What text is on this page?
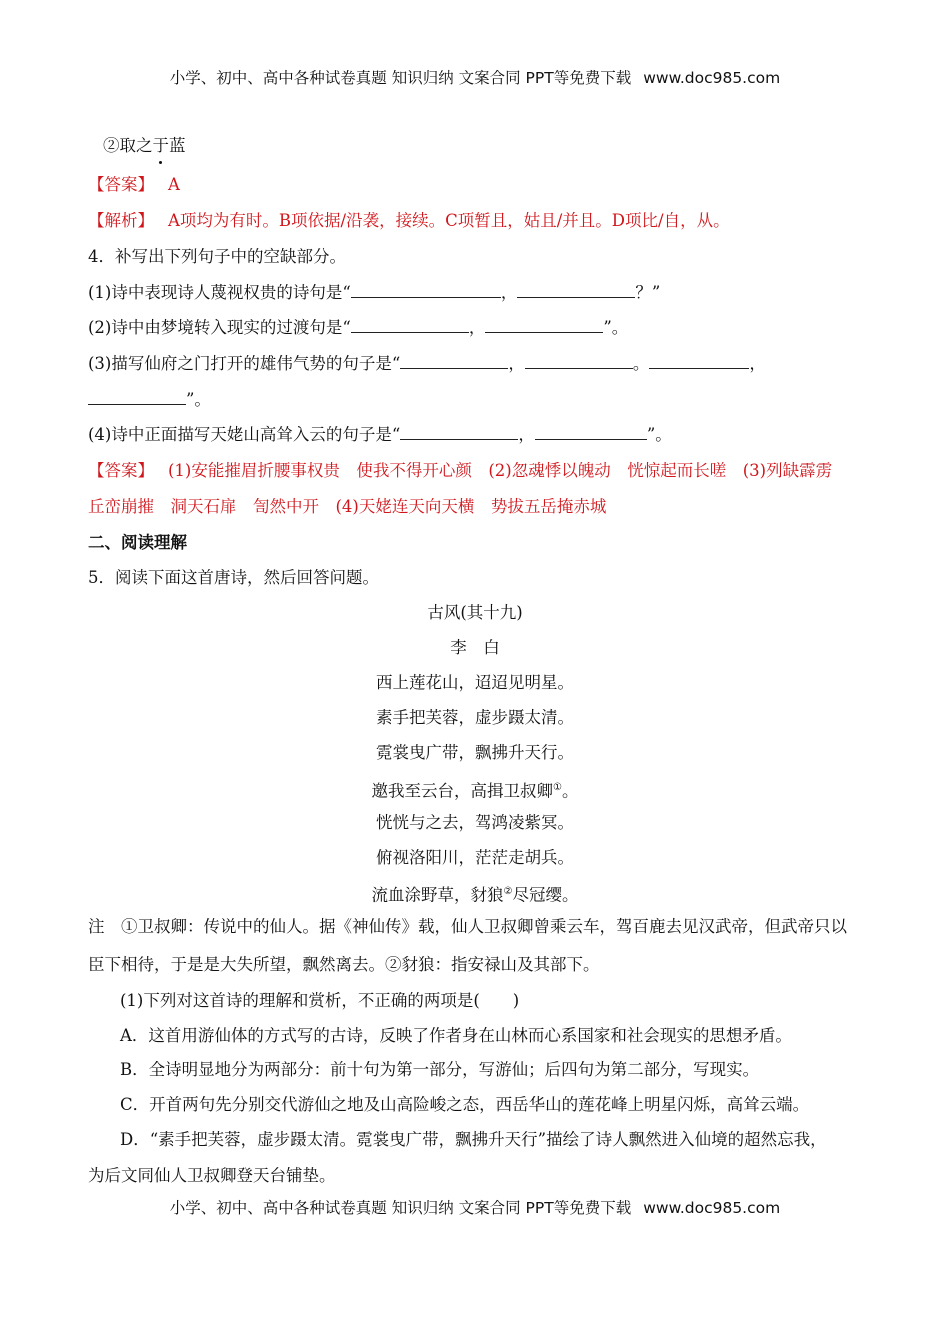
小学、初中、高中各种试卷真题 知识归纳 文案合同 PPT等免费下载 www.doc985.com
②取之于蓝
【答案】 A
【解析】 A项均为有时。B项依据/沿袭，接续。C项暂且，姑且/并且。D项比/自，从。
4．补写出下列句子中的空缺部分。
(1)诗中表现诗人蔑视权贵的诗句是“	，	？”
(2)诗中由梦境转入现实的过渡句是“	，	”。
(3)描写仙府之门打开的雄伟气势的句子是“	，	。	，
”。
(4)诗中正面描写天姥山高耸入云的句子是“	，	”。
【答案】 (1)安能摧眉折腰事权贵　使我不得开心颜　(2)忽魂悸以魄动　恍惊起而长嗟　(3)列缺霹雳
丘峦崩摧　洞天石扉　訇然中开　(4)天姥连天向天横　势拔五岳掩赤城
二、阅读理解
5．阅读下面这首唐诗，然后回答问题。
古风(其十九)
李　白
西上莲花山，迢迢见明星。
素手把芙蓉，虚步蹑太清。
霓裳曳广带，飘拂升天行。
邀我至云台，高揖卫叔卿①。
恍恍与之去，驾鸿凌紫冥。
俯视洛阳川，茫茫走胡兵。
流血涂野草，豺狼②尽冠缨。
注　①卫叔卿：传说中的仙人。据《神仙传》载，仙人卫叔卿曾乘云车，驾百鹿去见汉武帝，但武帝只以
臣下相待，于是是大失所望，飘然离去。②豺狼：指安禄山及其部下。
(1)下列对这首诗的理解和赏析，不正确的两项是(　　)
A．这首用游仙体的方式写的古诗，反映了作者身在山林而心系国家和社会现实的思想矛盾。
B．全诗明显地分为两部分：前十句为第一部分，写游仙；后四句为第二部分，写现实。
C．开首两句先分别交代游仙之地及山高险峻之态，西岳华山的莲花峰上明星闪烁，高耸云端。
D．“素手把芙蓉，虚步蹑太清。霓裳曳广带，飘拂升天行”描绘了诗人飘然进入仙境的超然忘我，
为后文同仙人卫叔卿登天台铺垫。
小学、初中、高中各种试卷真题 知识归纳 文案合同 PPT等免费下载 www.doc985.com
